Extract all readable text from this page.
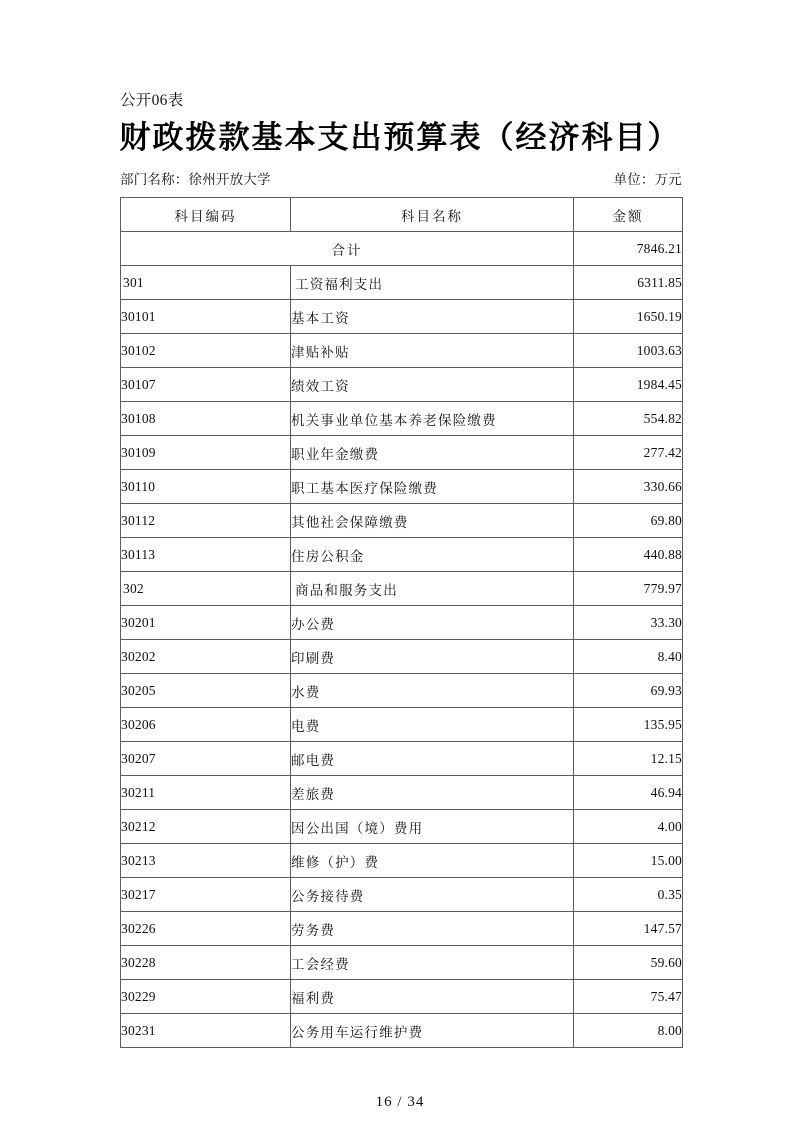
公开06表
财政拨款基本支出预算表（经济科目）
部门名称：徐州开放大学	单位：万元
科目编码	科目名称	金额
合计		7846.21
301	工资福利支出	6311.85
30101	基本工资	1650.19
30102	津贴补贴	1003.63
30107	绩效工资	1984.45
30108	机关事业单位基本养老保险缴费	554.82
30109	职业年金缴费	277.42
30110	职工基本医疗保险缴费	330.66
30112	其他社会保障缴费	69.80
30113	住房公积金	440.88
302	商品和服务支出	779.97
30201	办公费	33.30
30202	印刷费	8.40
30205	水费	69.93
30206	电费	135.95
30207	邮电费	12.15
30211	差旅费	46.94
30212	因公出国（境）费用	4.00
30213	维修（护）费	15.00
30217	公务接待费	0.35
30226	劳务费	147.57
30228	工会经费	59.60
30229	福利费	75.47
30231	公务用车运行维护费	8.00
16 / 34
